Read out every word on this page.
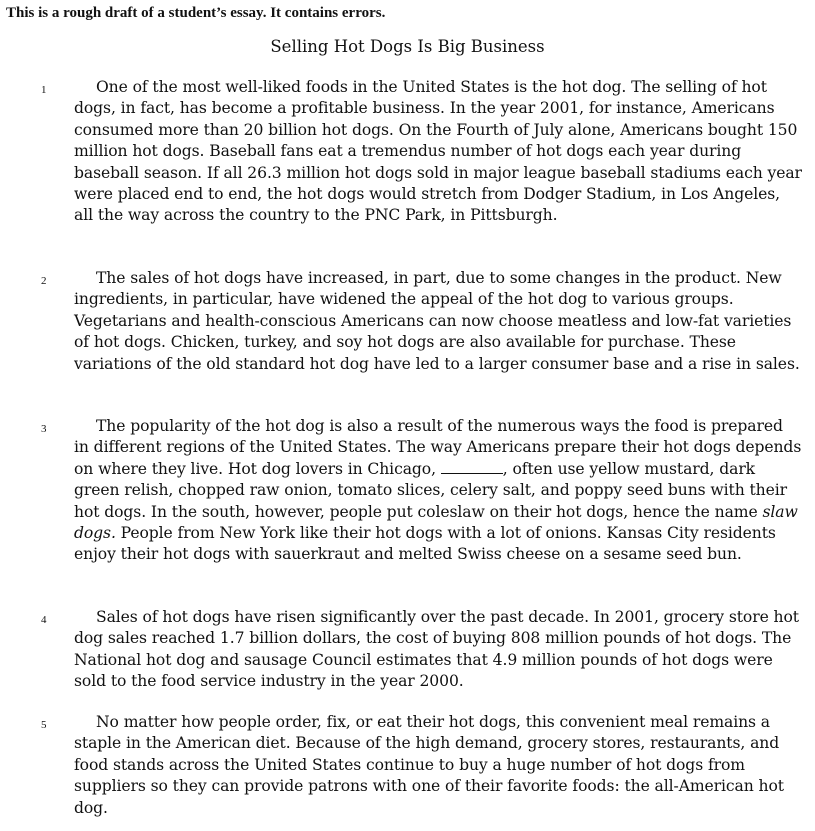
This is a rough draft of a student’s essay. It contains errors.
Selling Hot Dogs Is Big Business
1	One of the most well-liked foods in the United States is the hot dog. The selling of hot dogs, in fact, has become a profitable business. In the year 2001, for instance, Americans consumed more than 20 billion hot dogs. On the Fourth of July alone, Americans bought 150 million hot dogs. Baseball fans eat a tremendus number of hot dogs each year during baseball season. If all 26.3 million hot dogs sold in major league baseball stadiums each year were placed end to end, the hot dogs would stretch from Dodger Stadium, in Los Angeles, all the way across the country to the PNC Park, in Pittsburgh.
2	The sales of hot dogs have increased, in part, due to some changes in the product. New ingredients, in particular, have widened the appeal of the hot dog to various groups. Vegetarians and health-conscious Americans can now choose meatless and low-fat varieties of hot dogs. Chicken, turkey, and soy hot dogs are also available for purchase. These variations of the old standard hot dog have led to a larger consumer base and a rise in sales.
3	The popularity of the hot dog is also a result of the numerous ways the food is prepared in different regions of the United States. The way Americans prepare their hot dogs depends on where they live. Hot dog lovers in Chicago,	, often use yellow mustard, dark green relish, chopped raw onion, tomato slices, celery salt, and poppy seed buns with their hot dogs. In the south, however, people put coleslaw on their hot dogs, hence the name slaw dogs. People from New York like their hot dogs with a lot of onions. Kansas City residents enjoy their hot dogs with sauerkraut and melted Swiss cheese on a sesame seed bun.
4	Sales of hot dogs have risen significantly over the past decade. In 2001, grocery store hot dog sales reached 1.7 billion dollars, the cost of buying 808 million pounds of hot dogs. The National hot dog and sausage Council estimates that 4.9 million pounds of hot dogs were sold to the food service industry in the year 2000.
5	No matter how people order, fix, or eat their hot dogs, this convenient meal remains a staple in the American diet. Because of the high demand, grocery stores, restaurants, and food stands across the United States continue to buy a huge number of hot dogs from suppliers so they can provide patrons with one of their favorite foods: the all-American hot dog.
